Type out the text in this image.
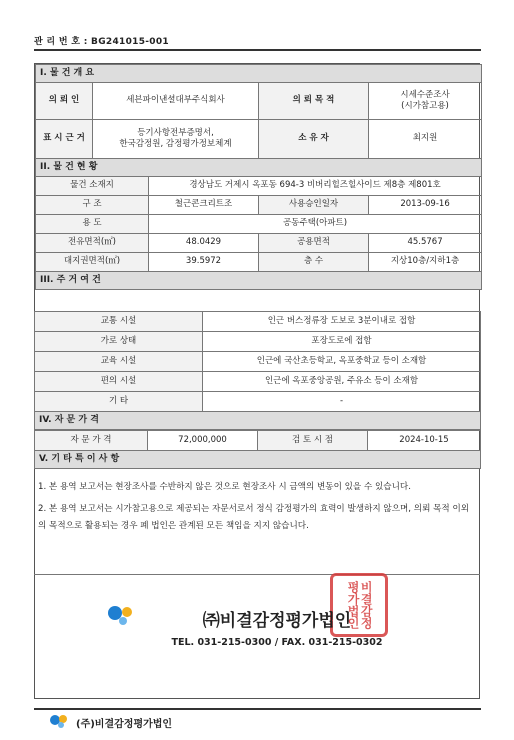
관 리 번 호 : BG241015-001
I. 물 건 개 요				
의 뢰 인	세븐파이낸셜대부주식회사		의 뢰 목 적	시세수준조사
(시가참고용)
표 시 근 거	등기사항전부증명서,
한국감정원, 감정평가정보체계		소 유 자	최지원
II. 물 건 현 황				
물건 소재지		경상남도 거제시 옥포동 694-3 비버리힐즈힐사이드 제8층 제801호		
구 조		철근콘크리트조	사용승인일자	2013-09-16
용 도		공동주택(아파트)		
전유면적(㎡)		48.0429	공용면적	45.5767
대지권면적(㎡)		39.5972	층 수	지상10층/지하1층
III. 주 거 여 건				
교통 시설	인근 버스정류장 도보로 3분이내로 접함
가로 상태	포장도로에 접함
교육 시설	인근에 국산초등학교, 옥포중학교 등이 소재함
편의 시설	인근에 옥포중앙공원, 주유소 등이 소재함
기 타	-
IV. 자 문 가 격	
자 문 가 격	72,000,000	검 토 시 점	2024-10-15
V. 기 타 특 이 사 항

1. 본 용역 보고서는 현장조사를 수반하지 않은 것으로 현장조사 시 금액의 변동이 있을 수 있습니다.

2. 본 용역 보고서는 시가참고용으로 제공되는 자문서로서 정식 감정평가의 효력이 발생하지 않으며, 의뢰 목적 이외의 목적으로 활용되는 경우 폐 법인은 관계된 모든 책임을 지지 않습니다.

비결감정평가법인
㈜비결감정평가법인
TEL. 031-215-0300 / FAX. 031-215-0302
(주)비결감정평가법인
